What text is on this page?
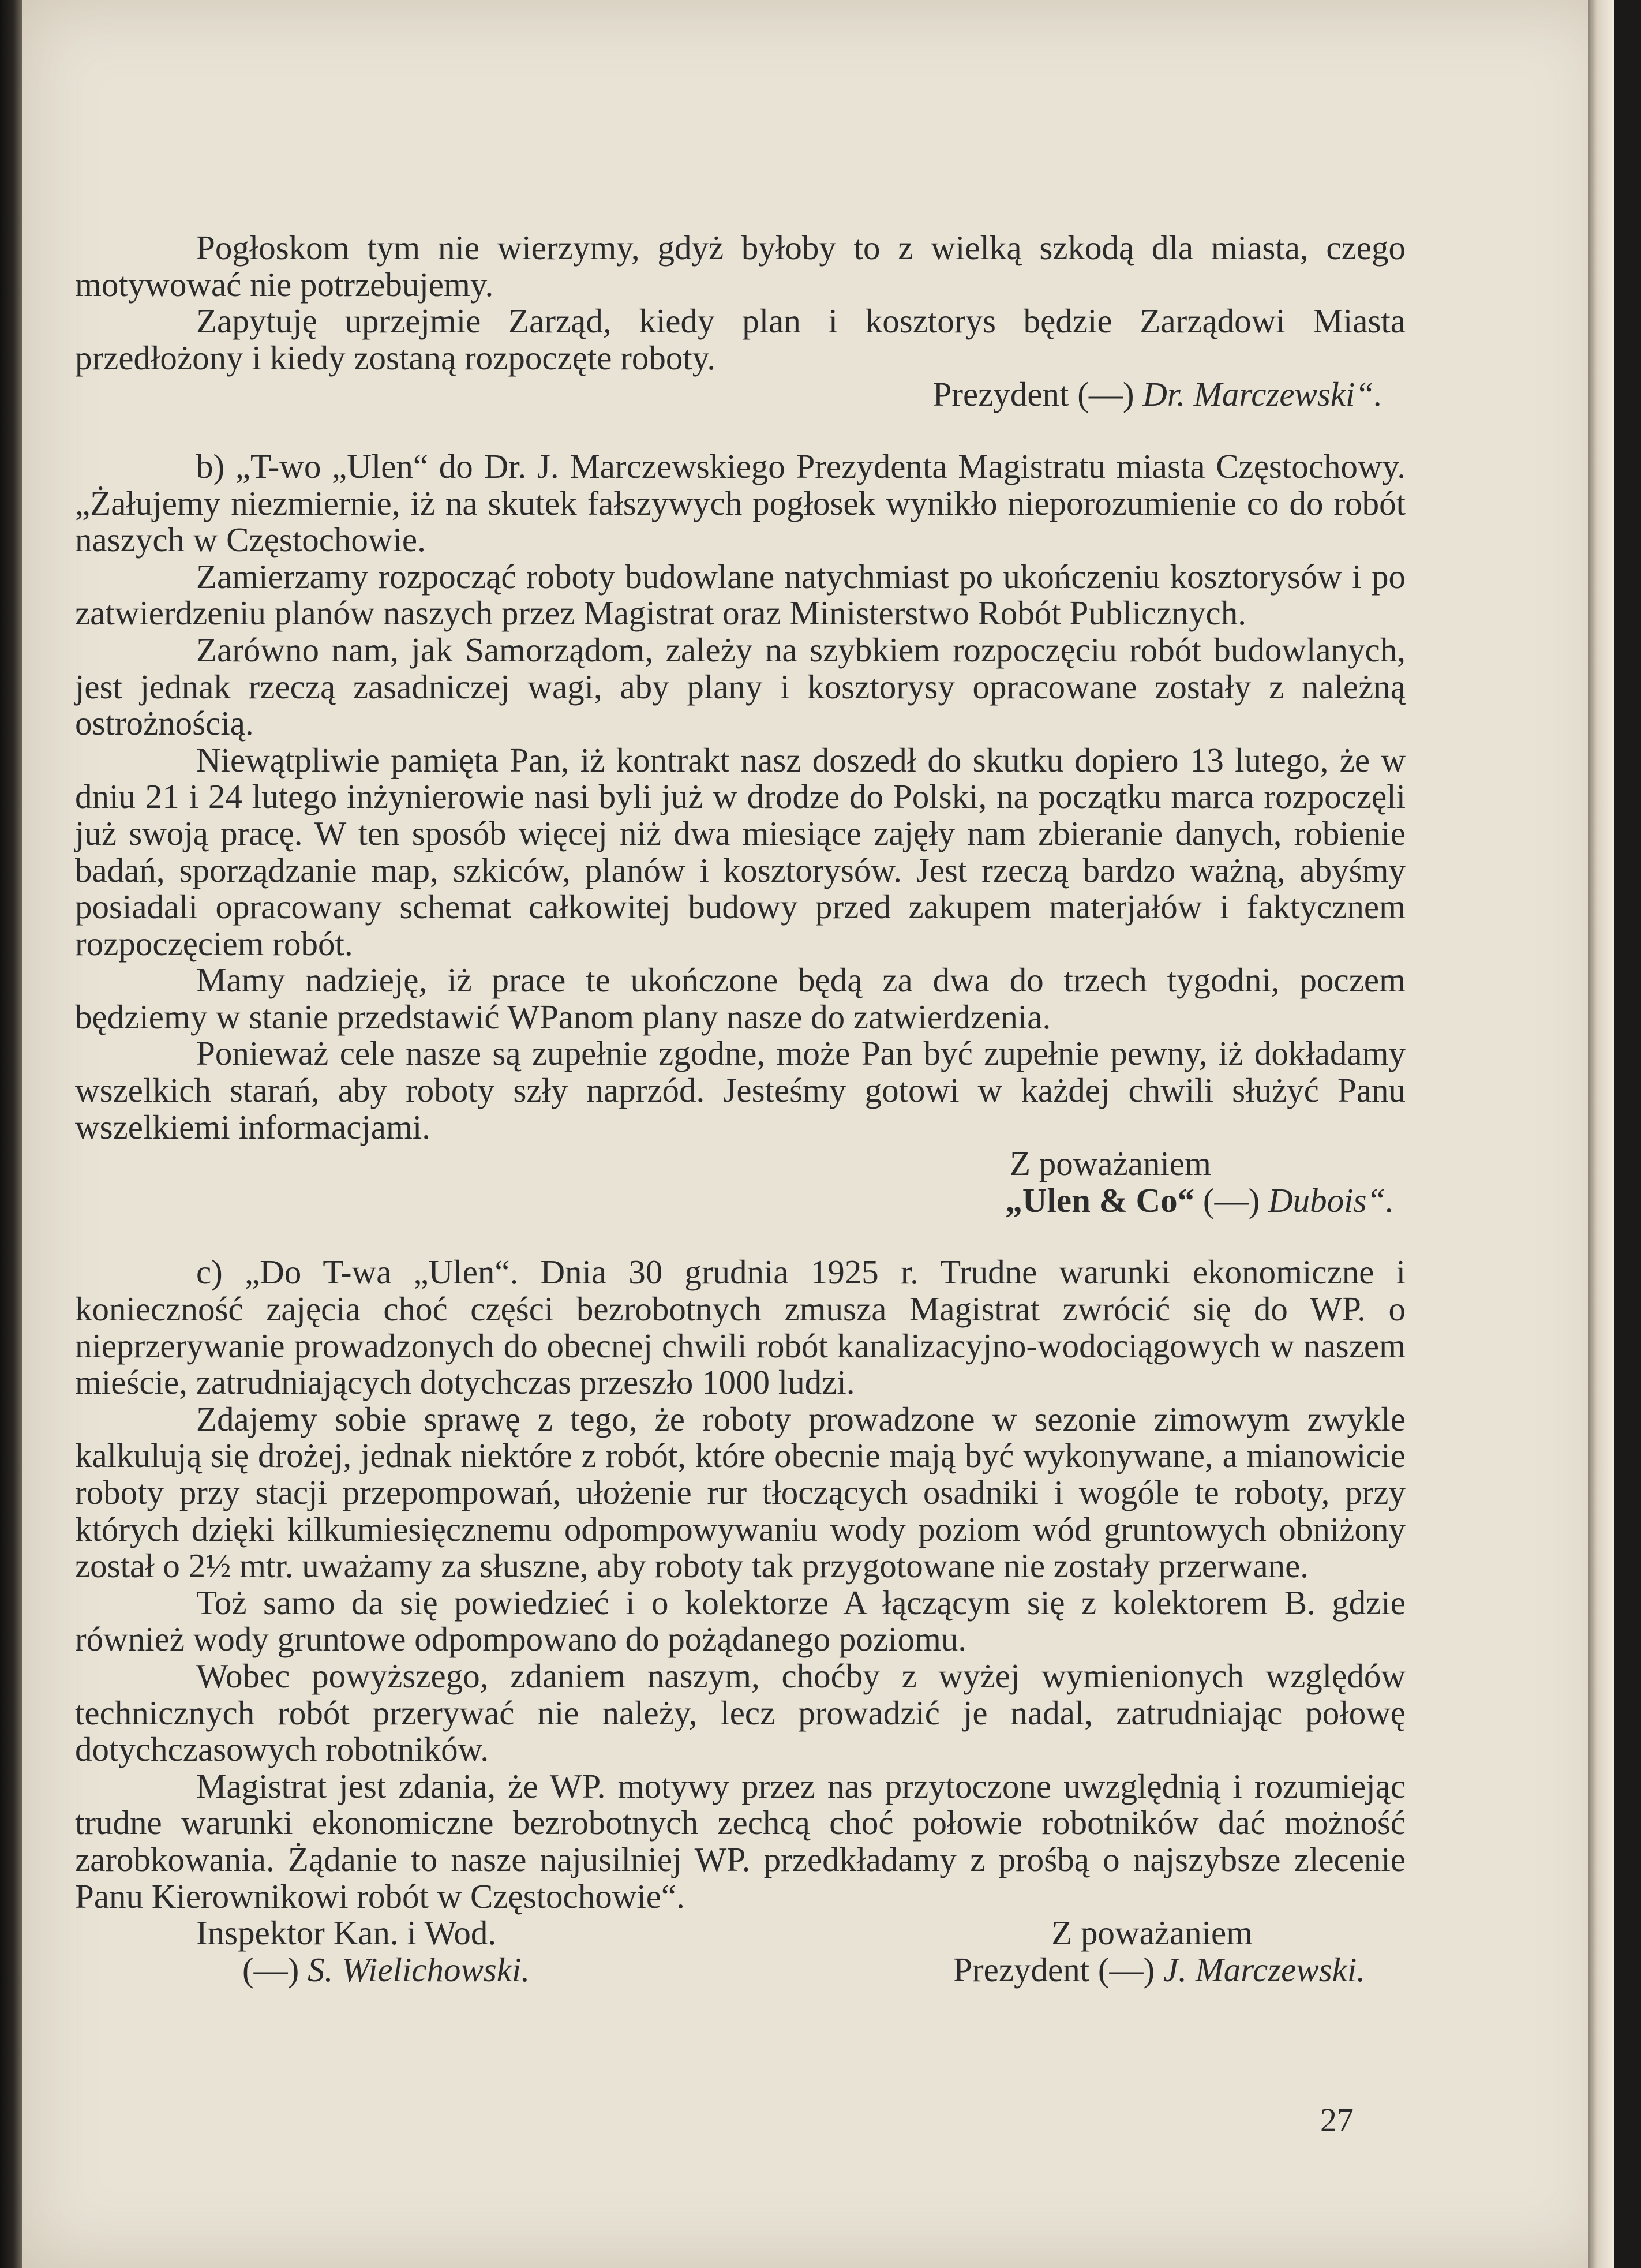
Pogłoskom tym nie wierzymy, gdyż byłoby to z wielką szkodą dla miasta, czego motywować nie potrzebujemy.

Zapytuję uprzejmie Zarząd, kiedy plan i kosztorys będzie Zarządowi Miasta przedłożony i kiedy zostaną rozpoczęte roboty.

Prezydent (—) Dr. Marczewski“.

b) „T-wo „Ulen“ do Dr. J. Marczewskiego Prezydenta Magistratu miasta Częstochowy. „Żałujemy niezmiernie, iż na skutek fałszywych pogłosek wynikło nieporozumienie co do robót naszych w Częstochowie.

Zamierzamy rozpocząć roboty budowlane natychmiast po ukończeniu kosztorysów i po zatwierdzeniu planów naszych przez Magistrat oraz Ministerstwo Robót Publicznych.

Zarówno nam, jak Samorządom, zależy na szybkiem rozpoczęciu robót budowlanych, jest jednak rzeczą zasadniczej wagi, aby plany i kosztorysy opracowane zostały z należną ostrożnością.

Niewątpliwie pamięta Pan, iż kontrakt nasz doszedł do skutku dopiero 13 lutego, że w dniu 21 i 24 lutego inżynierowie nasi byli już w drodze do Polski, na początku marca rozpoczęli już swoją pracę. W ten sposób więcej niż dwa miesiące zajęły nam zbieranie danych, robienie badań, sporządzanie map, szkiców, planów i kosztorysów. Jest rzeczą bardzo ważną, abyśmy posiadali opracowany schemat całkowitej budowy przed zakupem materjałów i faktycznem rozpoczęciem robót.

Mamy nadzieję, iż prace te ukończone będą za dwa do trzech tygodni, poczem będziemy w stanie przedstawić WPanom plany nasze do zatwierdzenia.

Ponieważ cele nasze są zupełnie zgodne, może Pan być zupełnie pewny, iż dokładamy wszelkich starań, aby roboty szły naprzód. Jesteśmy gotowi w każdej chwili służyć Panu wszelkiemi informacjami.

Z poważaniem

„Ulen & Co“ (—) Dubois“.

c) „Do T-wa „Ulen“. Dnia 30 grudnia 1925 r. Trudne warunki ekonomiczne i konieczność zajęcia choć części bezrobotnych zmusza Magistrat zwrócić się do WP. o nieprzerywanie prowadzonych do obecnej chwili robót kanalizacyjno-wodociągowych w naszem mieście, zatrudniających dotychczas przeszło 1000 ludzi.

Zdajemy sobie sprawę z tego, że roboty prowadzone w sezonie zimowym zwykle kalkulują się drożej, jednak niektóre z robót, które obecnie mają być wykonywane, a mianowicie roboty przy stacji przepompowań, ułożenie rur tłoczących osadniki i wogóle te roboty, przy których dzięki kilkumiesięcznemu odpompowywaniu wody poziom wód gruntowych obniżony został o 2½ mtr. uważamy za słuszne, aby roboty tak przygotowane nie zostały przerwane.

Toż samo da się powiedzieć i o kolektorze A łączącym się z kolektorem B. gdzie również wody gruntowe odpompowano do pożądanego poziomu.

Wobec powyższego, zdaniem naszym, choćby z wyżej wymienionych względów technicznych robót przerywać nie należy, lecz prowadzić je nadal, zatrudniając połowę dotychczasowych robotników.

Magistrat jest zdania, że WP. motywy przez nas przytoczone uwzględnią i rozumiejąc trudne warunki ekonomiczne bezrobotnych zechcą choć połowie robotników dać możność zarobkowania. Żądanie to nasze najusilniej WP. przedkładamy z prośbą o najszybsze zlecenie Panu Kierownikowi robót w Częstochowie“.

Inspektor Kan. i Wod.
(—) S. Wielichowski.
Z poważaniem
Prezydent (—) J. Marczewski.
27
